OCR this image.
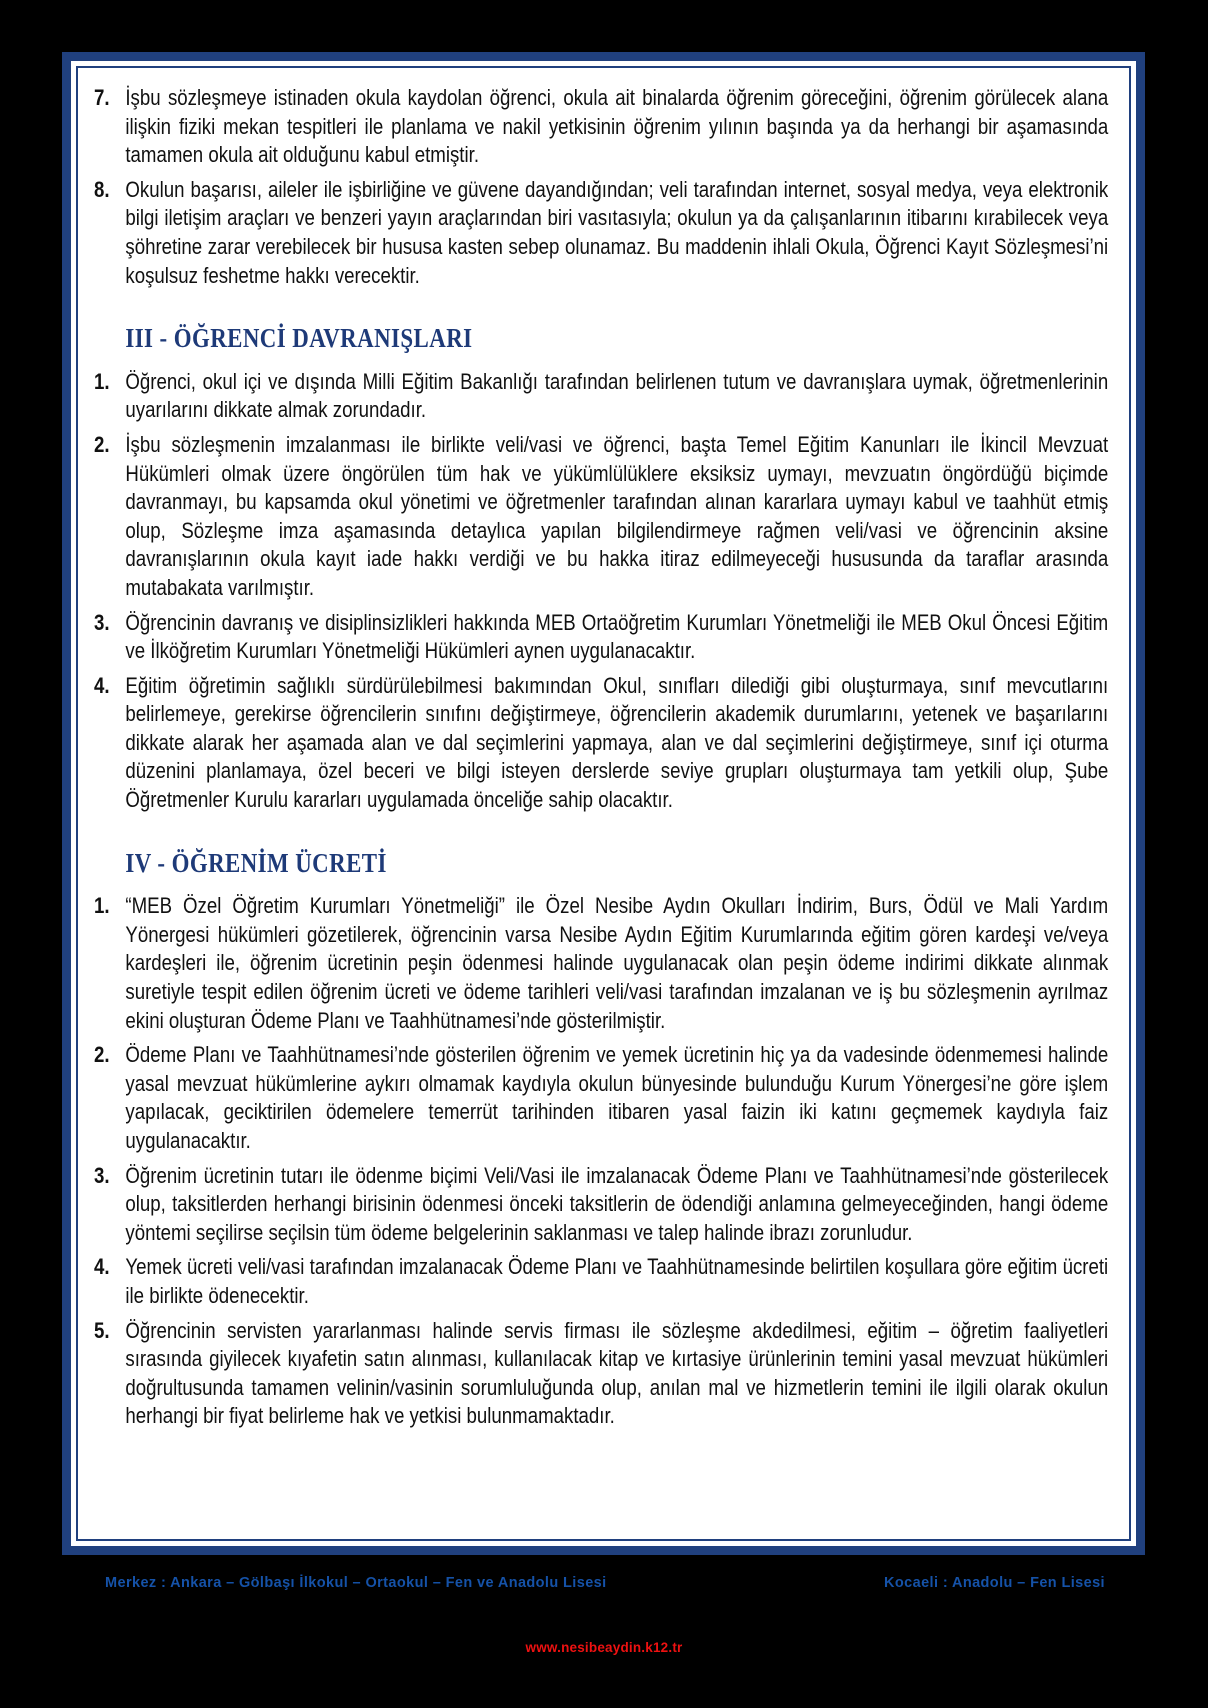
7. İşbu sözleşmeye istinaden okula kaydolan öğrenci, okula ait binalarda öğrenim göreceğini, öğrenim görülecek alana ilişkin fiziki mekan tespitleri ile planlama ve nakil yetkisinin öğrenim yılının başında ya da herhangi bir aşamasında tamamen okula ait olduğunu kabul etmiştir.
8. Okulun başarısı, aileler ile işbirliğine ve güvene dayandığından; veli tarafından internet, sosyal medya, veya elektronik bilgi iletişim araçları ve benzeri yayın araçlarından biri vasıtasıyla; okulun ya da çalışanlarının itibarını kırabilecek veya şöhretine zarar verebilecek bir hususa kasten sebep olunamaz. Bu maddenin ihlali Okula, Öğrenci Kayıt Sözleşmesi’ni koşulsuz feshetme hakkı verecektir.
III - ÖĞRENCİ DAVRANIŞLARI
1. Öğrenci, okul içi ve dışında Milli Eğitim Bakanlığı tarafından belirlenen tutum ve davranışlara uymak, öğretmenlerinin uyarılarını dikkate almak zorundadır.
2. İşbu sözleşmenin imzalanması ile birlikte veli/vasi ve öğrenci, başta Temel Eğitim Kanunları ile İkincil Mevzuat Hükümleri olmak üzere öngörülen tüm hak ve yükümlülüklere eksiksiz uymayı, mevzuatın öngördüğü biçimde davranmayı, bu kapsamda okul yönetimi ve öğretmenler tarafından alınan kararlara uymayı kabul ve taahhüt etmiş olup, Sözleşme imza aşamasında detaylıca yapılan bilgilendirmeye rağmen veli/vasi ve öğrencinin aksine davranışlarının okula kayıt iade hakkı verdiği ve bu hakka itiraz edilmeyeceği hususunda da taraflar arasında mutabakata varılmıştır.
3. Öğrencinin davranış ve disiplinsizlikleri hakkında MEB Ortaöğretim Kurumları Yönetmeliği ile MEB Okul Öncesi Eğitim ve İlköğretim Kurumları Yönetmeliği Hükümleri aynen uygulanacaktır.
4. Eğitim öğretimin sağlıklı sürdürülebilmesi bakımından Okul, sınıfları dilediği gibi oluşturmaya, sınıf mevcutlarını belirlemeye, gerekirse öğrencilerin sınıfını değiştirmeye, öğrencilerin akademik durumlarını, yetenek ve başarılarını dikkate alarak her aşamada alan ve dal seçimlerini yapmaya, alan ve dal seçimlerini değiştirmeye, sınıf içi oturma düzenini planlamaya, özel beceri ve bilgi isteyen derslerde seviye grupları oluşturmaya tam yetkili olup, Şube Öğretmenler Kurulu kararları uygulamada önceliğe sahip olacaktır.
IV - ÖĞRENİM ÜCRETİ
1. “MEB Özel Öğretim Kurumları Yönetmeliği” ile Özel Nesibe Aydın Okulları İndirim, Burs, Ödül ve Mali Yardım Yönergesi hükümleri gözetilerek, öğrencinin varsa Nesibe Aydın Eğitim Kurumlarında eğitim gören kardeşi ve/veya kardeşleri ile, öğrenim ücretinin peşin ödenmesi halinde uygulanacak olan peşin ödeme indirimi dikkate alınmak suretiyle tespit edilen öğrenim ücreti ve ödeme tarihleri veli/vasi tarafından imzalanan ve iş bu sözleşmenin ayrılmaz ekini oluşturan Ödeme Planı ve Taahhütnamesi’nde gösterilmiştir.
2. Ödeme Planı ve Taahhütnamesi’nde gösterilen öğrenim ve yemek ücretinin hiç ya da vadesinde ödenmemesi halinde yasal mevzuat hükümlerine aykırı olmamak kaydıyla okulun bünyesinde bulunduğu Kurum Yönergesi’ne göre işlem yapılacak, geciktirilen ödemelere temerrüt tarihinden itibaren yasal faizin iki katını geçmemek kaydıyla faiz uygulanacaktır.
3. Öğrenim ücretinin tutarı ile ödenme biçimi Veli/Vasi ile imzalanacak Ödeme Planı ve Taahhütnamesi’nde gösterilecek olup, taksitlerden herhangi birisinin ödenmesi önceki taksitlerin de ödendiği anlamına gelmeyeceğinden, hangi ödeme yöntemi seçilirse seçilsin tüm ödeme belgelerinin saklanması ve talep halinde ibrazı zorunludur.
4. Yemek ücreti veli/vasi tarafından imzalanacak Ödeme Planı ve Taahhütnamesinde belirtilen koşullara göre eğitim ücreti ile birlikte ödenecektir.
5. Öğrencinin servisten yararlanması halinde servis firması ile sözleşme akdedilmesi, eğitim – öğretim faaliyetleri sırasında giyilecek kıyafetin satın alınması, kullanılacak kitap ve kırtasiye ürünlerinin temini yasal mevzuat hükümleri doğrultusunda tamamen velinin/vasinin sorumluluğunda olup, anılan mal ve hizmetlerin temini ile ilgili olarak okulun herhangi bir fiyat belirleme hak ve yetkisi bulunmamaktadır.
Merkez : Ankara – Gölbaşı İlkokul – Ortaokul – Fen ve Anadolu Lisesi	Kocaeli : Anadolu – Fen Lisesi
www.nesibeaydin.k12.tr
